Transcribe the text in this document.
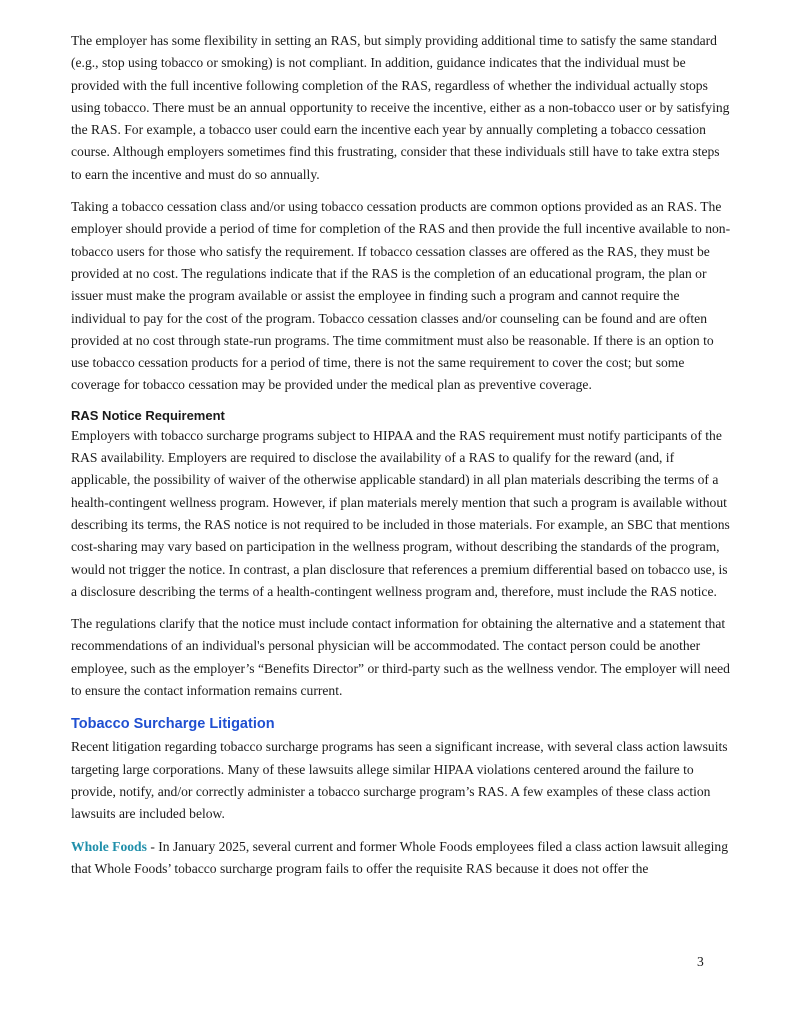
The employer has some flexibility in setting an RAS, but simply providing additional time to satisfy the same standard (e.g., stop using tobacco or smoking) is not compliant. In addition, guidance indicates that the individual must be provided with the full incentive following completion of the RAS, regardless of whether the individual actually stops using tobacco. There must be an annual opportunity to receive the incentive, either as a non-tobacco user or by satisfying the RAS. For example, a tobacco user could earn the incentive each year by annually completing a tobacco cessation course. Although employers sometimes find this frustrating, consider that these individuals still have to take extra steps to earn the incentive and must do so annually.

Taking a tobacco cessation class and/or using tobacco cessation products are common options provided as an RAS. The employer should provide a period of time for completion of the RAS and then provide the full incentive available to non-tobacco users for those who satisfy the requirement. If tobacco cessation classes are offered as the RAS, they must be provided at no cost. The regulations indicate that if the RAS is the completion of an educational program, the plan or issuer must make the program available or assist the employee in finding such a program and cannot require the individual to pay for the cost of the program. Tobacco cessation classes and/or counseling can be found and are often provided at no cost through state-run programs. The time commitment must also be reasonable. If there is an option to use tobacco cessation products for a period of time, there is not the same requirement to cover the cost; but some coverage for tobacco cessation may be provided under the medical plan as preventive coverage.

RAS Notice Requirement

Employers with tobacco surcharge programs subject to HIPAA and the RAS requirement must notify participants of the RAS availability. Employers are required to disclose the availability of a RAS to qualify for the reward (and, if applicable, the possibility of waiver of the otherwise applicable standard) in all plan materials describing the terms of a health-contingent wellness program. However, if plan materials merely mention that such a program is available without describing its terms, the RAS notice is not required to be included in those materials. For example, an SBC that mentions cost-sharing may vary based on participation in the wellness program, without describing the standards of the program, would not trigger the notice. In contrast, a plan disclosure that references a premium differential based on tobacco use, is a disclosure describing the terms of a health-contingent wellness program and, therefore, must include the RAS notice.

The regulations clarify that the notice must include contact information for obtaining the alternative and a statement that recommendations of an individual's personal physician will be accommodated. The contact person could be another employee, such as the employer’s “Benefits Director” or third-party such as the wellness vendor. The employer will need to ensure the contact information remains current.

Tobacco Surcharge Litigation

Recent litigation regarding tobacco surcharge programs has seen a significant increase, with several class action lawsuits targeting large corporations. Many of these lawsuits allege similar HIPAA violations centered around the failure to provide, notify, and/or correctly administer a tobacco surcharge program’s RAS. A few examples of these class action lawsuits are included below.

Whole Foods - In January 2025, several current and former Whole Foods employees filed a class action lawsuit alleging that Whole Foods’ tobacco surcharge program fails to offer the requisite RAS because it does not offer the

3
